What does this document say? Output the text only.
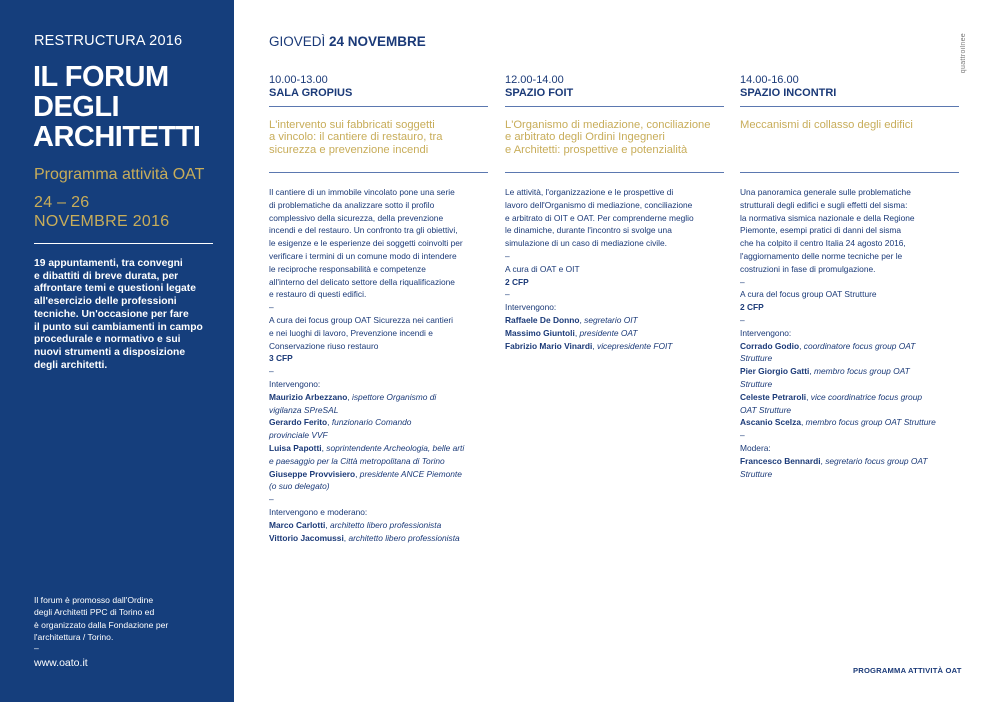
RESTRUCTURA 2016
IL FORUM
DEGLI
ARCHITETTI
Programma attività OAT
24 – 26
NOVEMBRE 2016
19 appuntamenti, tra convegni
e dibattiti di breve durata, per
affrontare temi e questioni legate
all'esercizio delle professioni
tecniche. Un'occasione per fare
il punto sui cambiamenti in campo
procedurale e normativo e sui
nuovi strumenti a disposizione
degli architetti.
Il forum è promosso dall'Ordine
degli Architetti PPC di Torino ed
è organizzato dalla Fondazione per
l'architettura / Torino.
–
www.oato.it
GIOVEDÌ 24 NOVEMBRE	quattroilnee
10.00-13.00
SALA GROPIUS
L'intervento sui fabbricati soggetti
a vincolo: il cantiere di restauro, tra
sicurezza e prevenzione incendi

Il cantiere di un immobile vincolato pone una serie

di problematiche da analizzare sotto il profilo

complessivo della sicurezza, della prevenzione

incendi e del restauro. Un confronto tra gli obiettivi,

le esigenze e le esperienze dei soggetti coinvolti per

verificare i termini di un comune modo di intendere

le reciproche responsabilità e competenze

all'interno del delicato settore della riqualificazione

e restauro di questi edifici.

–

A cura dei focus group OAT Sicurezza nei cantieri

e nei luoghi di lavoro, Prevenzione incendi e

Conservazione riuso restauro

3 CFP

–

Intervengono:

Maurizio Arbezzano, ispettore Organismo di

vigilanza SPreSAL

Gerardo Ferito, funzionario Comando

provinciale VVF

Luisa Papotti, soprintendente Archeologia, belle arti

e paesaggio per la Città metropolitana di Torino

Giuseppe Provvisiero, presidente ANCE Piemonte

(o suo delegato)

–

Intervengono e moderano:

Marco Carlotti, architetto libero professionista

Vittorio Jacomussi, architetto libero professionista

12.00-14.00
SPAZIO FOIT
L'Organismo di mediazione, conciliazione
e arbitrato degli Ordini Ingegneri
e Architetti: prospettive e potenzialità

Le attività, l'organizzazione e le prospettive di

lavoro dell'Organismo di mediazione, conciliazione

e arbitrato di OIT e OAT. Per comprenderne meglio

le dinamiche, durante l'incontro si svolge una

simulazione di un caso di mediazione civile.

–

A cura di OAT e OIT

2 CFP

–

Intervengono:

Raffaele De Donno, segretario OIT

Massimo Giuntoli, presidente OAT

Fabrizio Mario Vinardi, vicepresidente FOIT

14.00-16.00
SPAZIO INCONTRI
Meccanismi di collasso degli edifici

Una panoramica generale sulle problematiche

strutturali degli edifici e sugli effetti del sisma:

la normativa sismica nazionale e della Regione

Piemonte, esempi pratici di danni del sisma

che ha colpito il centro Italia 24 agosto 2016,

l'aggiornamento delle norme tecniche per le

costruzioni in fase di promulgazione.

–

A cura del focus group OAT Strutture

2 CFP

–

Intervengono:

Corrado Godio, coordinatore focus group OAT

Strutture

Pier Giorgio Gatti, membro focus group OAT

Strutture

Celeste Petraroli, vice coordinatrice focus group

OAT Strutture

Ascanio Scelza, membro focus group OAT Strutture

–

Modera:

Francesco Bennardi, segretario focus group OAT

Strutture

PROGRAMMA ATTIVITÀ OAT
